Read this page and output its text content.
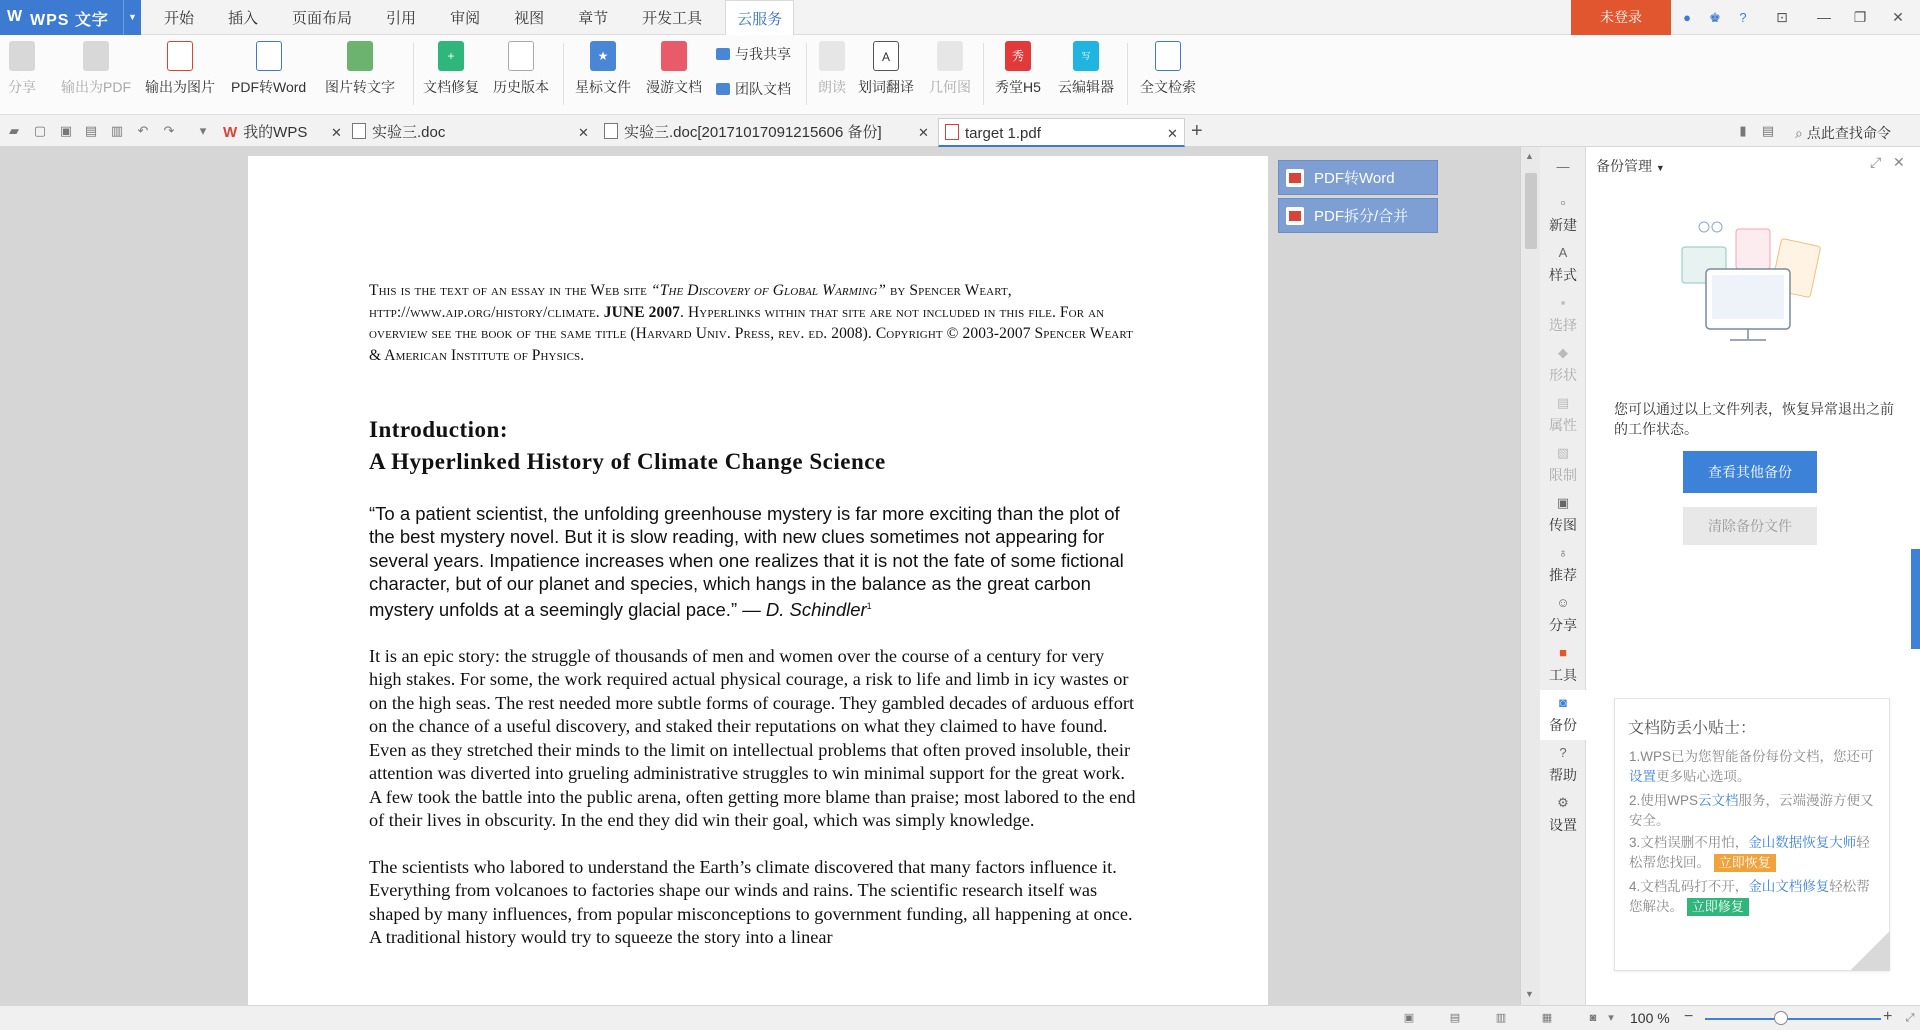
W WPS 文字	▼	开始	插入	页面布局	引用	审阅	视图	章节	开发工具	云服务	未登录	●	♚	?	⊡	—	❐	✕
分享 输出为PDF 输出为图片 PDF转Word 图片转文字
+
文档修复 历史版本
★
星标文件 漫游文档
与我共享
团队文档 朗读
A
划词翻译 几何图
秀
秀堂H5
写
云编辑器 全文检索
▰ ▢ ▣ ▤ ▥ ↶ ↷	▾	W 我的WPS ✕	实验三.doc	✕	实验三.doc[20171017091215606 备份]	✕	target 1.pdf	✕ +	▮	▤ ⌕ 点此查找命令

This is the text of an essay in the Web site “The Discovery of Global Warming” by Spencer Weart, http://www.aip.org/history/climate. JUNE 2007. Hyperlinks within that site are not included in this file. For an overview see the book of the same title (Harvard Univ. Press, rev. ed. 2008). Copyright © 2003-2007 Spencer Weart & American Institute of Physics.

Introduction:
A Hyperlinked History of Climate Change Science

“To a patient scientist, the unfolding greenhouse mystery is far more exciting than the plot of the best mystery novel. But it is slow reading, with new clues sometimes not appearing for several years. Impatience increases when one realizes that it is not the fate of some fictional character, but of our planet and species, which hangs in the balance as the great carbon mystery unfolds at a seemingly glacial pace.” — D. Schindler$^1$

It is an epic story: the struggle of thousands of men and women over the course of a century for very high stakes. For some, the work required actual physical courage, a risk to life and limb in icy wastes or on the high seas. The rest needed more subtle forms of courage. They gambled decades of arduous effort on the chance of a useful discovery, and staked their reputations on what they claimed to have found. Even as they stretched their minds to the limit on intellectual problems that often proved insoluble, their attention was diverted into grueling administrative struggles to win minimal support for the great work. A few took the battle into the public arena, often getting more blame than praise; most labored to the end of their lives in obscurity. In the end they did win their goal, which was simply knowledge.

The scientists who labored to understand the Earth’s climate discovered that many factors influence it. Everything from volcanoes to factories shape our winds and rains. The scientific research itself was shaped by many influences, from popular misconceptions to government funding, all happening at once. A traditional history would try to squeeze the story into a linear

PDF转Word
PDF拆分/合并
▲
▼
—
▫
新建
A
样式
▪
选择
◆
形状
▤
属性
▧
限制
▣
传图
♁
推荐
☺
分享
■
工具
◙
备份
?
帮助
⚙
设置
备份管理 ▼	⤢ ✕
您可以通过以上文件列表，恢复异常退出之前的工作状态。
查看其他备份
清除备份文件
文档防丢小贴士：
1.WPS已为您智能备份每份文档，您还可设置更多贴心选项。
2.使用WPS云文档服务，云端漫游方便又安全。
3.文档误删不用怕，金山数据恢复大师轻松帮您找回。 立即恢复
4.文档乱码打不开，金山文档修复轻松帮您解决。 立即修复
▣	▤	▥	▦	◙	▾	100 % −	+ ⤢
